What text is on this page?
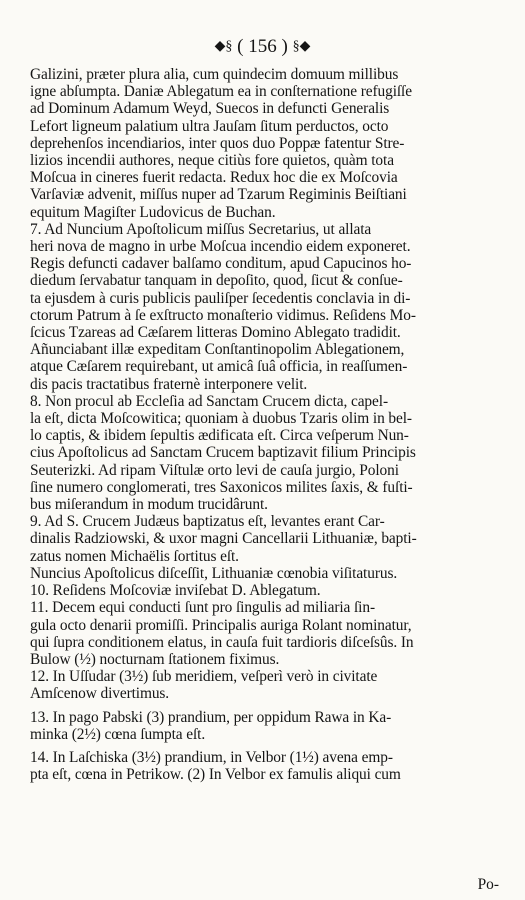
◆§ ( 156 ) §◆
Galizini, præter plura alia, cum quindecim domuum millibus
igne abſumpta. Daniæ Ablegatum ea in conſternatione refugiſſe
ad Dominum Adamum Weyd, Suecos in defuncti Generalis
Lefort ligneum palatium ultra Jauſam ſitum perductos, octo
deprehenſos incendiarios, inter quos duo Poppæ fatentur Stre-
lizios incendii authores, neque citiùs fore quietos, quàm tota
Moſcua in cineres fuerit redacta. Redux hoc die ex Moſcovia
Varſaviæ advenit, miſſus nuper ad Tzarum Regiminis Beiſtiani
equitum Magiſter Ludovicus de Buchan.
7. Ad Nuncium Apoſtolicum miſſus Secretarius, ut allata
heri nova de magno in urbe Moſcua incendio eidem exponeret.
Regis defuncti cadaver balſamo conditum, apud Capucinos ho-
diedum ſervabatur tanquam in depoſito, quod, ſicut & conſue-
ta ejusdem à curis publicis pauliſper ſecedentis conclavia in di-
ctorum Patrum à ſe exſtructo monaſterio vidimus. Reſidens Mo-
ſcicus Tzareas ad Cæſarem litteras Domino Ablegato tradidit.
Añunciabant illæ expeditam Conſtantinopolim Ablegationem,
atque Cæſarem requirebant, ut amicâ ſuâ officia, in reaſſumen-
dis pacis tractatibus fraternè interponere velit.
8. Non procul ab Eccleſia ad Sanctam Crucem dicta, capel-
la eſt, dicta Moſcowitica; quoniam à duobus Tzaris olim in bel-
lo captis, & ibidem ſepultis ædificata eſt. Circa veſperum Nun-
cius Apoſtolicus ad Sanctam Crucem baptizavit filium Principis
Seuterizki. Ad ripam Viſtulæ orto levi de cauſa jurgio, Poloni
ſine numero conglomerati, tres Saxonicos milites ſaxis, & fuſti-
bus miſerandum in modum trucidârunt.
9. Ad S. Crucem Judæus baptizatus eſt, levantes erant Car-
dinalis Radziowski, & uxor magni Cancellarii Lithuaniæ, bapti-
zatus nomen Michaëlis ſortitus eſt.
Nuncius Apoſtolicus diſceſſit, Lithuaniæ cœnobia viſitaturus.
10. Reſidens Moſcoviæ inviſebat D. Ablegatum.
11. Decem equi conducti ſunt pro ſingulis ad miliaria ſin-
gula octo denarii promiſſi. Principalis auriga Rolant nominatur,
qui ſupra conditionem elatus, in cauſa fuit tardioris diſceſsûs. In
Bulow (½) nocturnam ſtationem fiximus.
12. In Uſſudar (3½) ſub meridiem, veſperì verò in civitate
Amſcenow divertimus.
13. In pago Pabski (3) prandium, per oppidum Rawa in Ka-
minka (2½) cœna ſumpta eſt.
14. In Laſchiska (3½) prandium, in Velbor (1½) avena emp-
pta eſt, cœna in Petrikow. (2) In Velbor ex famulis aliqui cum
Po-
